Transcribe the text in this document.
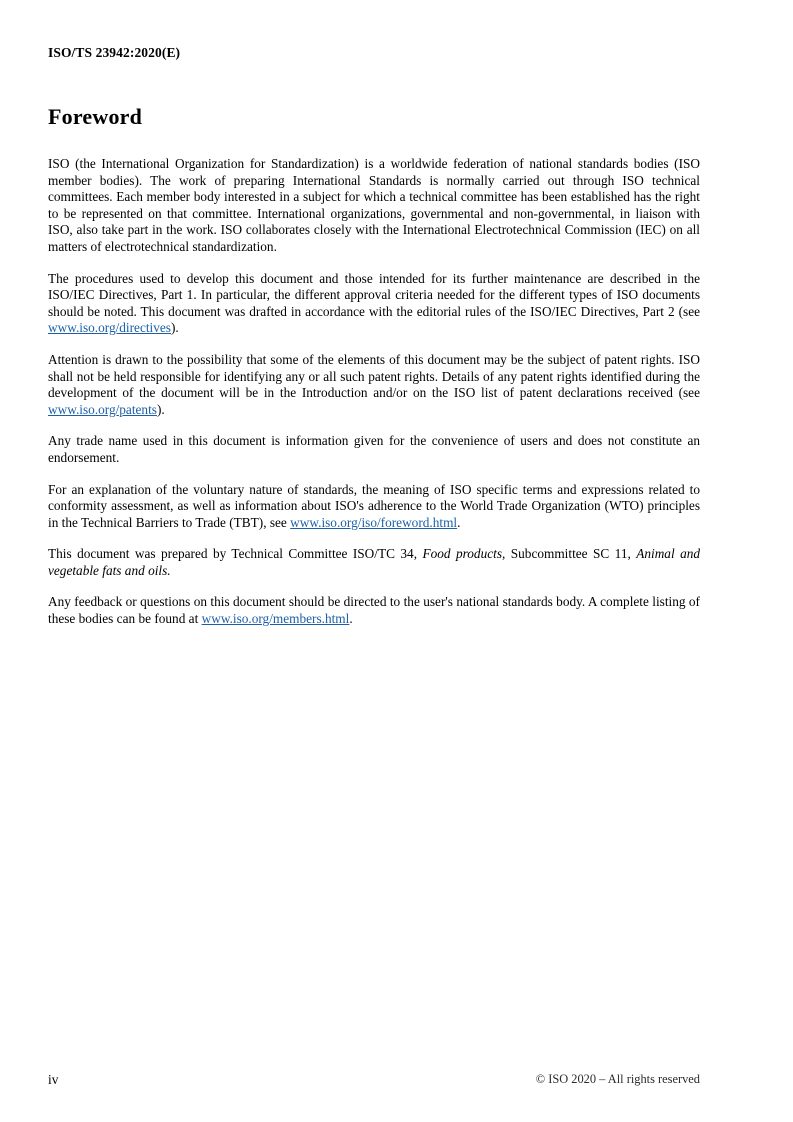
ISO/TS 23942:2020(E)
Foreword

ISO (the International Organization for Standardization) is a worldwide federation of national standards bodies (ISO member bodies). The work of preparing International Standards is normally carried out through ISO technical committees. Each member body interested in a subject for which a technical committee has been established has the right to be represented on that committee. International organizations, governmental and non-governmental, in liaison with ISO, also take part in the work. ISO collaborates closely with the International Electrotechnical Commission (IEC) on all matters of electrotechnical standardization.

The procedures used to develop this document and those intended for its further maintenance are described in the ISO/IEC Directives, Part 1. In particular, the different approval criteria needed for the different types of ISO documents should be noted. This document was drafted in accordance with the editorial rules of the ISO/IEC Directives, Part 2 (see www.iso.org/directives).

Attention is drawn to the possibility that some of the elements of this document may be the subject of patent rights. ISO shall not be held responsible for identifying any or all such patent rights. Details of any patent rights identified during the development of the document will be in the Introduction and/or on the ISO list of patent declarations received (see www.iso.org/patents).

Any trade name used in this document is information given for the convenience of users and does not constitute an endorsement.

For an explanation of the voluntary nature of standards, the meaning of ISO specific terms and expressions related to conformity assessment, as well as information about ISO's adherence to the World Trade Organization (WTO) principles in the Technical Barriers to Trade (TBT), see www.iso.org/iso/foreword.html.

This document was prepared by Technical Committee ISO/TC 34, Food products, Subcommittee SC 11, Animal and vegetable fats and oils.

Any feedback or questions on this document should be directed to the user's national standards body. A complete listing of these bodies can be found at www.iso.org/members.html.

iv	© ISO 2020 – All rights reserved
